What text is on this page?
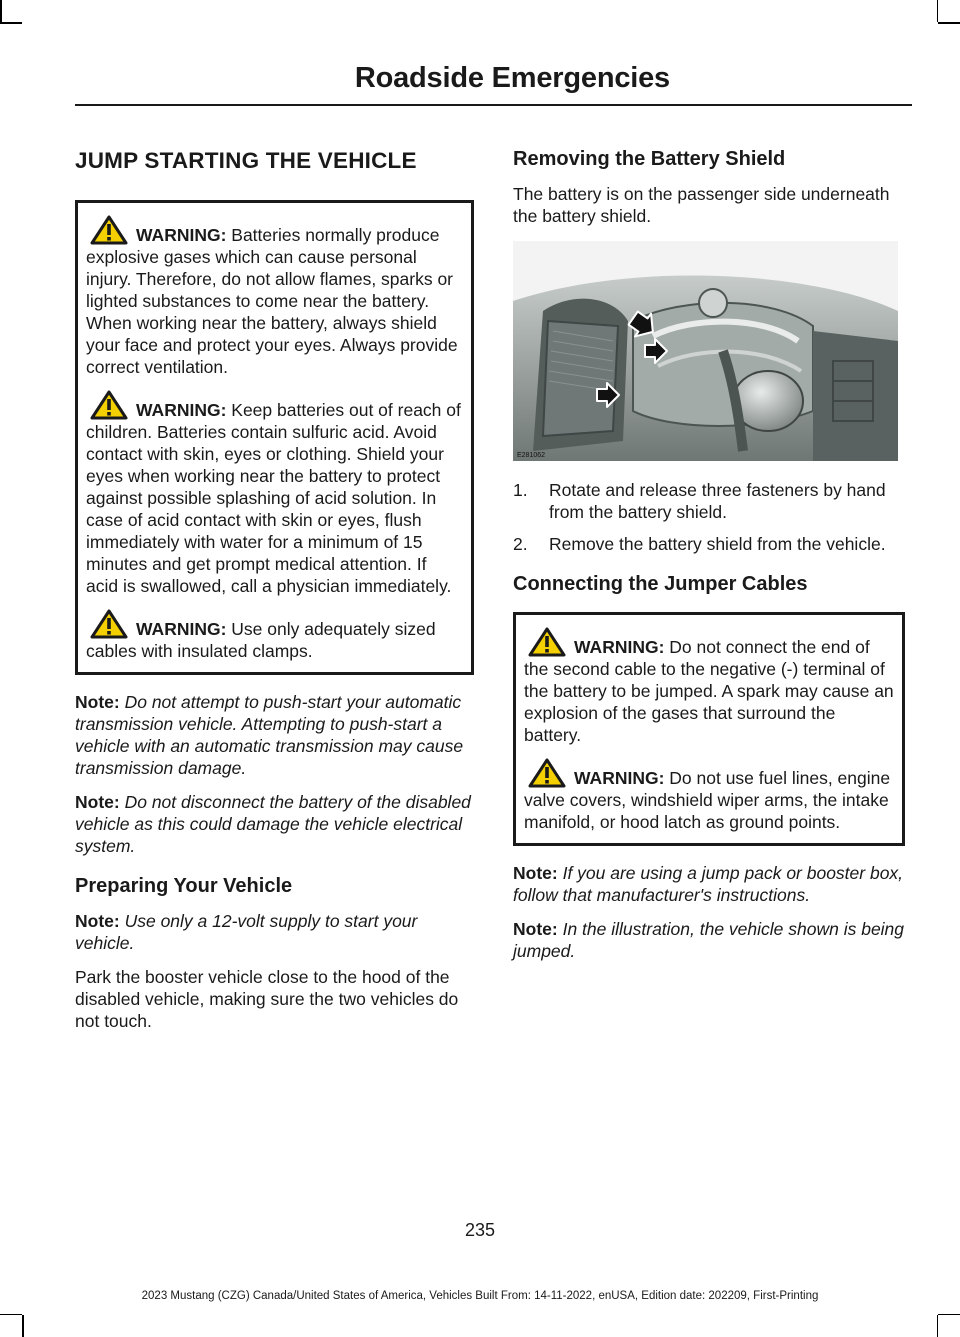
Roadside Emergencies
JUMP STARTING THE VEHICLE
WARNING: Batteries normally produce explosive gases which can cause personal injury. Therefore, do not allow flames, sparks or lighted substances to come near the battery. When working near the battery, always shield your face and protect your eyes. Always provide correct ventilation.
WARNING: Keep batteries out of reach of children. Batteries contain sulfuric acid. Avoid contact with skin, eyes or clothing. Shield your eyes when working near the battery to protect against possible splashing of acid solution. In case of acid contact with skin or eyes, flush immediately with water for a minimum of 15 minutes and get prompt medical attention. If acid is swallowed, call a physician immediately.
WARNING: Use only adequately sized cables with insulated clamps.

Note: Do not attempt to push-start your automatic transmission vehicle. Attempting to push-start a vehicle with an automatic transmission may cause transmission damage.

Note: Do not disconnect the battery of the disabled vehicle as this could damage the vehicle electrical system.

Preparing Your Vehicle

Note: Use only a 12-volt supply to start your vehicle.

Park the booster vehicle close to the hood of the disabled vehicle, making sure the two vehicles do not touch.

Removing the Battery Shield

The battery is on the passenger side underneath the battery shield.

E281062
1.	Rotate and release three fasteners by hand from the battery shield.
2.	Remove the battery shield from the vehicle.
Connecting the Jumper Cables
WARNING: Do not connect the end of the second cable to the negative (-) terminal of the battery to be jumped. A spark may cause an explosion of the gases that surround the battery.
WARNING: Do not use fuel lines, engine valve covers, windshield wiper arms, the intake manifold, or hood latch as ground points.

Note: If you are using a jump pack or booster box, follow that manufacturer's instructions.

Note: In the illustration, the vehicle shown is being jumped.

235
2023 Mustang (CZG) Canada/United States of America, Vehicles Built From: 14-11-2022, enUSA, Edition date: 202209, First-Printing
